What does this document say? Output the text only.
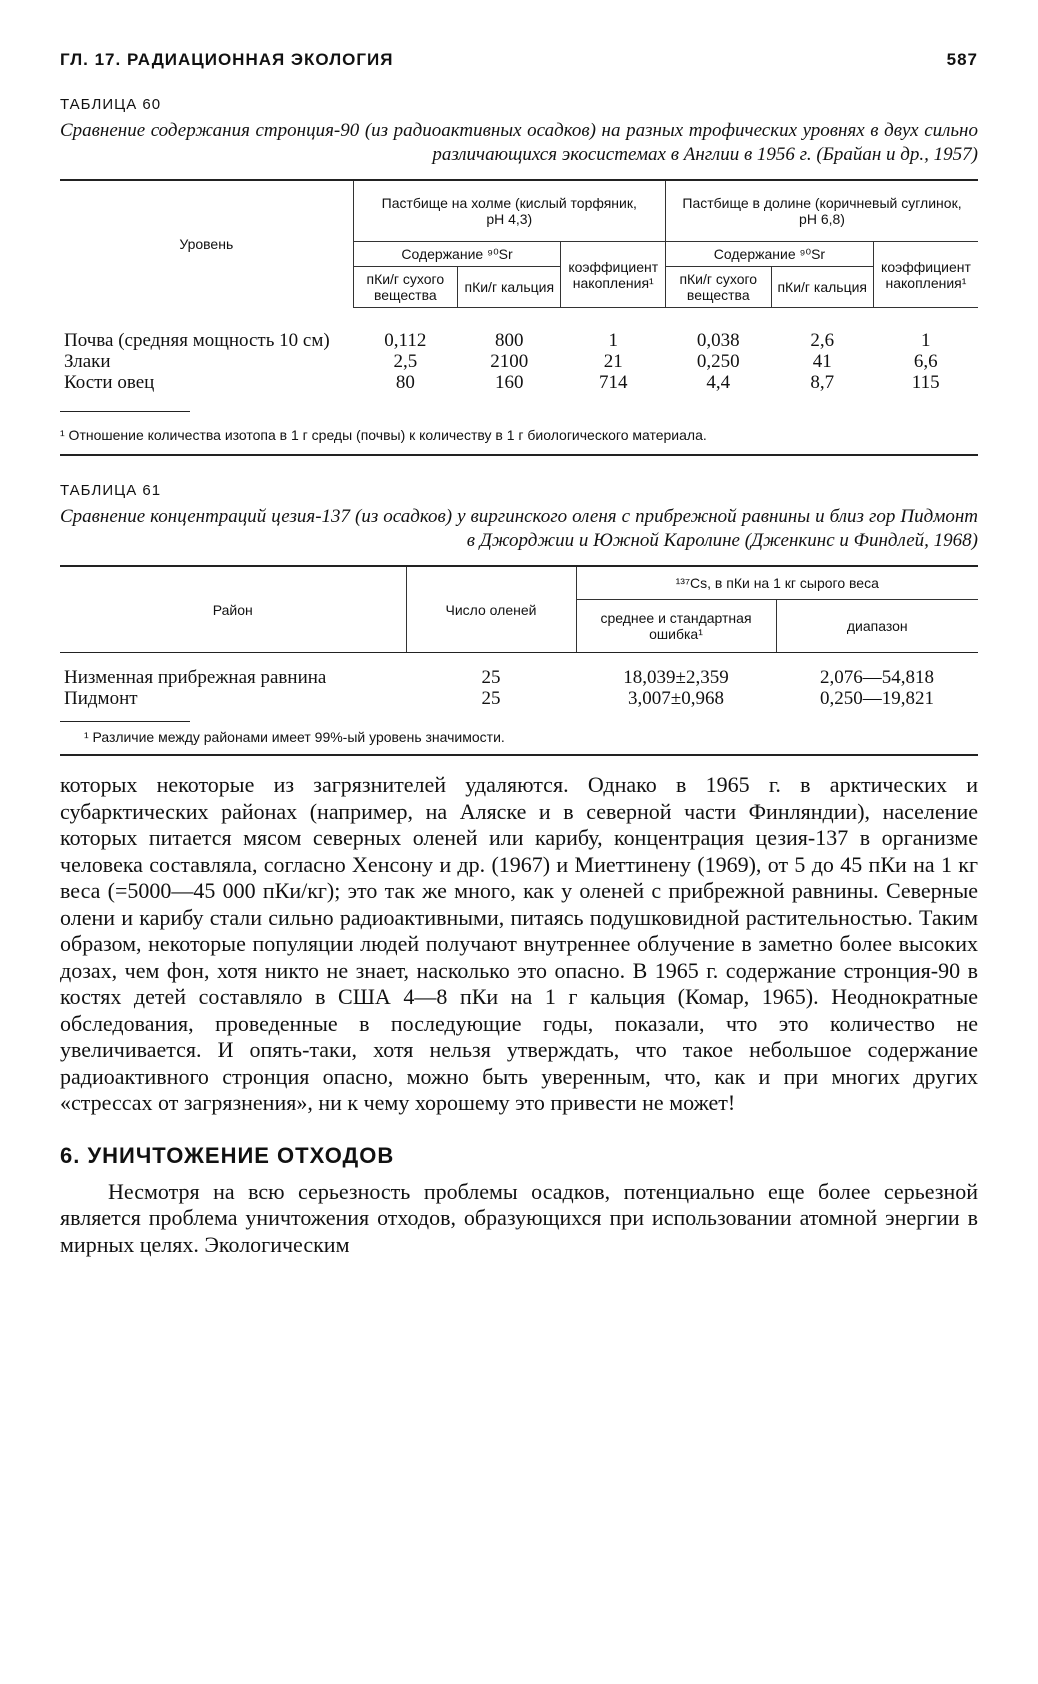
ГЛ. 17. РАДИАЦИОННАЯ ЭКОЛОГИЯ	587
ТАБЛИЦА 60
Сравнение содержания стронция-90 (из радиоактивных осадков) на разных трофических уровнях в двух сильно различающихся экосистемах в Англии в 1956 г. (Брайан и др., 1957)
Уровень	Пастбище на холме (кислый торфяник, pH 4,3)			Пастбище в долине (коричневый суглинок, pH 6,8)		
	Содержание ⁹⁰Sr		коэффициент накопления¹	Содержание ⁹⁰Sr		коэффициент накопления¹
	пКи/г сухого вещества	пКи/г кальция		пКи/г сухого вещества	пКи/г кальция	
Почва (средняя мощность 10 см)	0,112	800	1	0,038	2,6	1
Злаки	2,5	2100	21	0,250	41	6,6
Кости овец	80	160	714	4,4	8,7	115
¹ Отношение количества изотопа в 1 г среды (почвы) к количеству в 1 г биологического материала.
ТАБЛИЦА 61
Сравнение концентраций цезия-137 (из осадков) у виргинского оленя с прибрежной равнины и близ гор Пидмонт в Джорджии и Южной Каролине (Дженкинс и Финдлей, 1968)
Район	Число оленей	¹³⁷Cs, в пКи на 1 кг сырого веса	
		среднее и стандартная ошибка¹	диапазон
Низменная прибрежная равнина	25	18,039±2,359	2,076—54,818
Пидмонт	25	3,007±0,968	0,250—19,821
¹ Различие между районами имеет 99%-ый уровень значимости.

которых некоторые из загрязнителей удаляются. Однако в 1965 г. в арктических и субарктических районах (например, на Аляске и в северной части Финляндии), население которых питается мясом северных оленей или карибу, концентрация цезия-137 в организме человека составляла, согласно Хенсону и др. (1967) и Миеттинену (1969), от 5 до 45 пКи на 1 кг веса (=5000—45 000 пКи/кг); это так же много, как у оленей с прибрежной равнины. Северные олени и карибу стали сильно радиоактивными, питаясь подушковидной растительностью. Таким образом, некоторые популяции людей получают внутреннее облучение в заметно более высоких дозах, чем фон, хотя никто не знает, насколько это опасно. В 1965 г. содержание стронция-90 в костях детей составляло в США 4—8 пКи на 1 г кальция (Комар, 1965). Неоднократные обследования, проведенные в последующие годы, показали, что это количество не увеличивается. И опять-таки, хотя нельзя утверждать, что такое небольшое содержание радиоактивного стронция опасно, можно быть уверенным, что, как и при многих других «стрессах от загрязнения», ни к чему хорошему это привести не может!

6. УНИЧТОЖЕНИЕ ОТХОДОВ

Несмотря на всю серьезность проблемы осадков, потенциально еще более серьезной является проблема уничтожения отходов, образующихся при использовании атомной энергии в мирных целях. Экологическим
